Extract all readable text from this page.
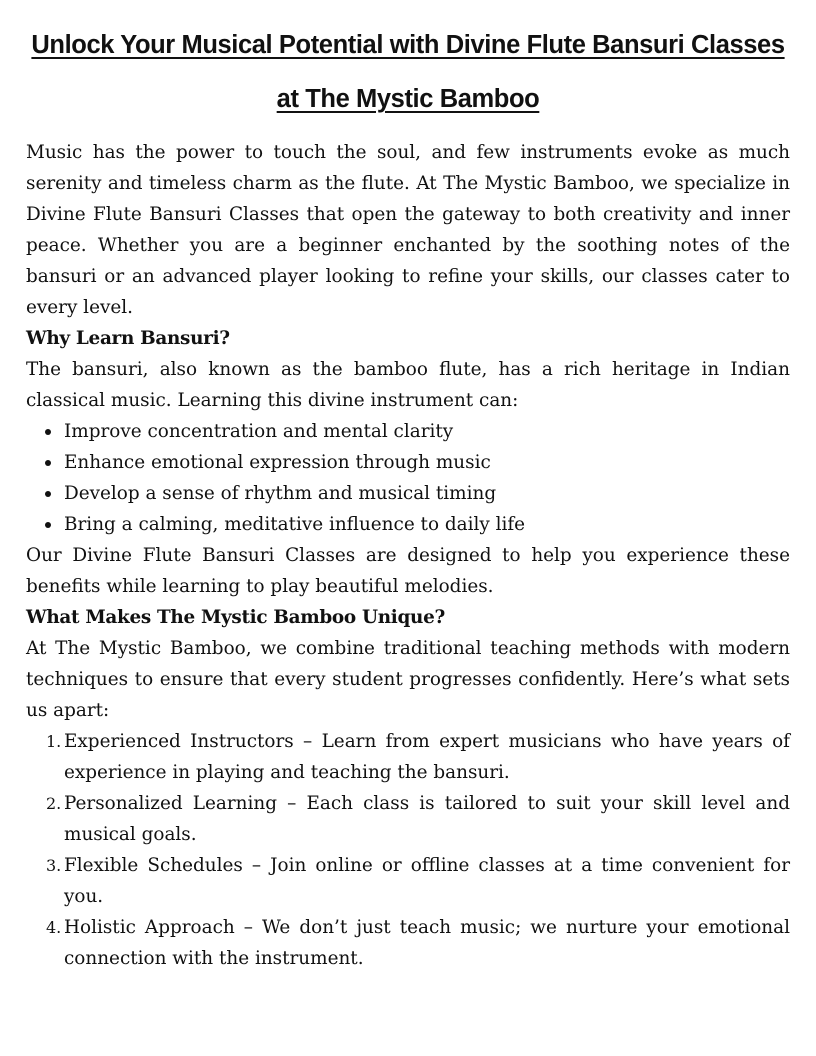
Unlock Your Musical Potential with Divine Flute Bansuri Classes
at The Mystic Bamboo

Music has the power to touch the soul, and few instruments evoke as much serenity and timeless charm as the flute. At The Mystic Bamboo, we specialize in Divine Flute Bansuri Classes that open the gateway to both creativity and inner peace. Whether you are a beginner enchanted by the soothing notes of the bansuri or an advanced player looking to refine your skills, our classes cater to every level.

Why Learn Bansuri?

The bansuri, also known as the bamboo flute, has a rich heritage in Indian classical music. Learning this divine instrument can:

Improve concentration and mental clarity
Enhance emotional expression through music
Develop a sense of rhythm and musical timing
Bring a calming, meditative influence to daily life

Our Divine Flute Bansuri Classes are designed to help you experience these benefits while learning to play beautiful melodies.

What Makes The Mystic Bamboo Unique?

At The Mystic Bamboo, we combine traditional teaching methods with modern techniques to ensure that every student progresses confidently. Here’s what sets us apart:

1. Experienced Instructors – Learn from expert musicians who have years of experience in playing and teaching the bansuri.
2. Personalized Learning – Each class is tailored to suit your skill level and musical goals.
3. Flexible Schedules – Join online or offline classes at a time convenient for you.
4. Holistic Approach – We don’t just teach music; we nurture your emotional connection with the instrument.
